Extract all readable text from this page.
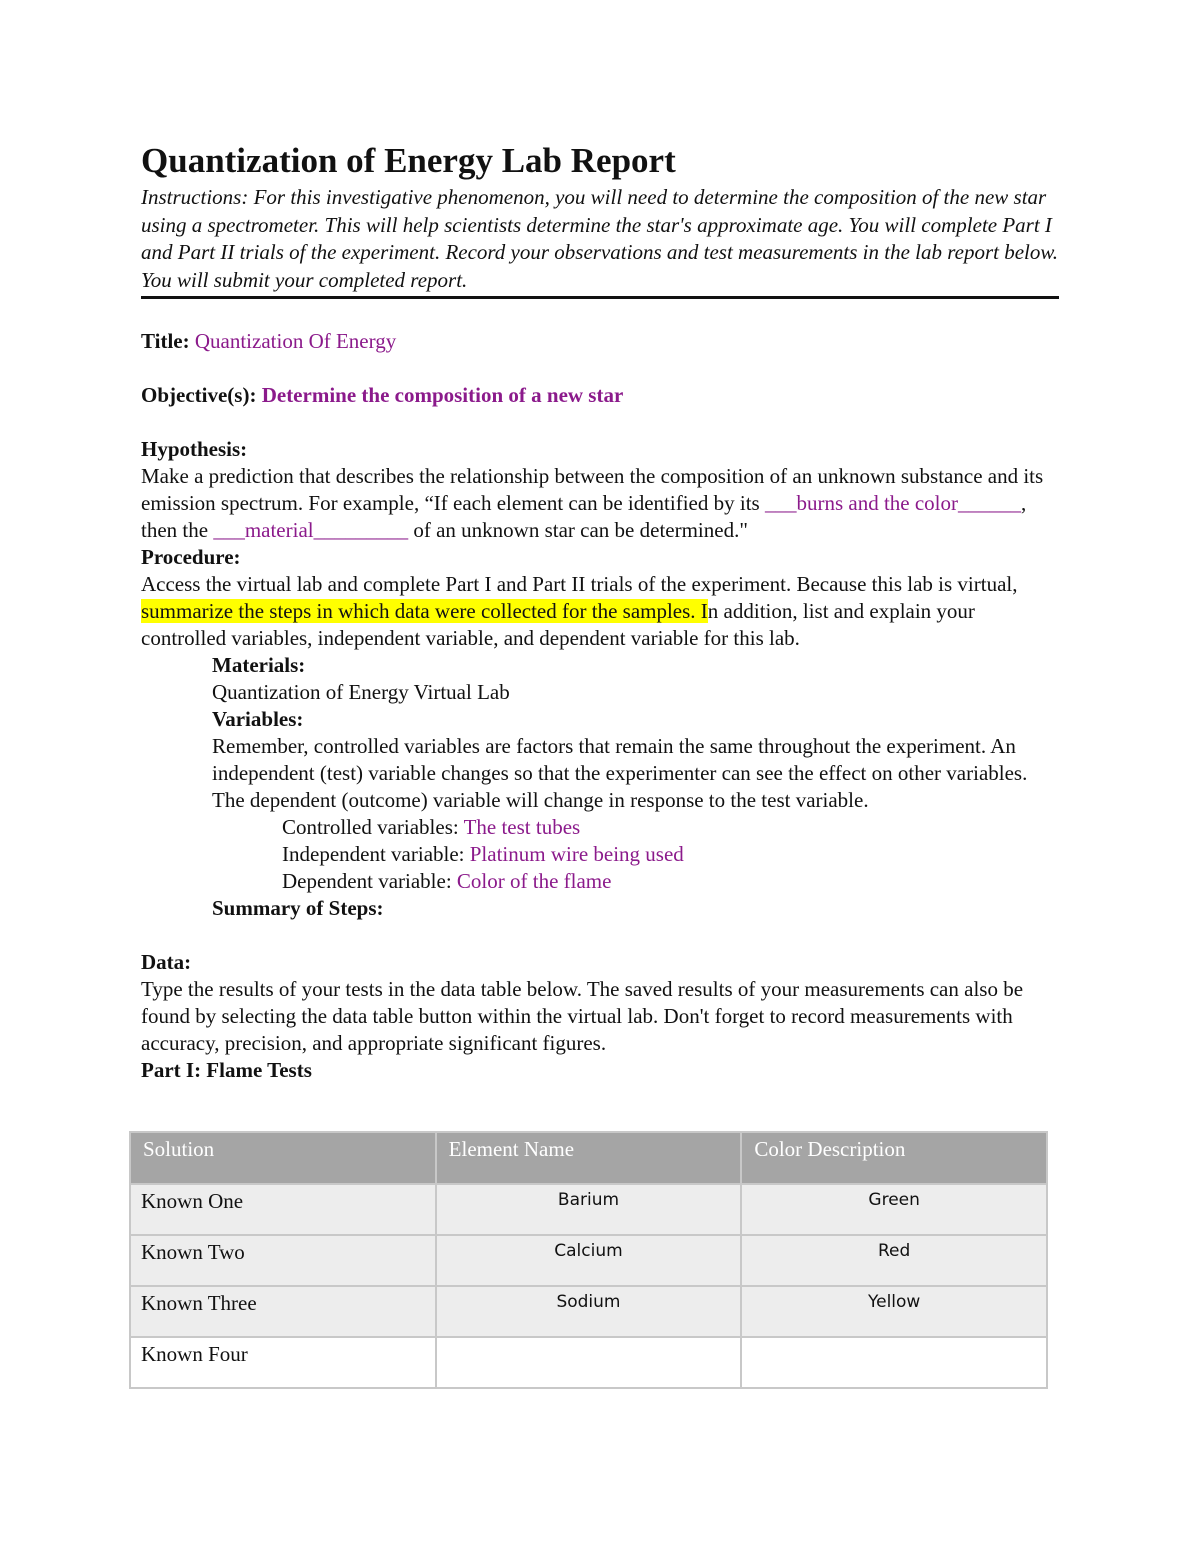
Quantization of Energy Lab Report

Instructions: For this investigative phenomenon, you will need to determine the composition of the new star using a spectrometer. This will help scientists determine the star's approximate age. You will complete Part I and Part II trials of the experiment. Record your observations and test measurements in the lab report below. You will submit your completed report.

Title: Quantization Of Energy

Objective(s): Determine the composition of a new star

Hypothesis:

Make a prediction that describes the relationship between the composition of an unknown substance and its emission spectrum. For example, “If each element can be identified by its ___burns and the color______, then the ___material_________ of an unknown star can be determined."

Procedure:

Access the virtual lab and complete Part I and Part II trials of the experiment. Because this lab is virtual, summarize the steps in which data were collected for the samples. In addition, list and explain your controlled variables, independent variable, and dependent variable for this lab.

Materials:

Quantization of Energy Virtual Lab

Variables:

Remember, controlled variables are factors that remain the same throughout the experiment. An independent (test) variable changes so that the experimenter can see the effect on other variables. The dependent (outcome) variable will change in response to the test variable.

Controlled variables: The test tubes

Independent variable: Platinum wire being used

Dependent variable: Color of the flame

Summary of Steps:

Data:

Type the results of your tests in the data table below. The saved results of your measurements can also be found by selecting the data table button within the virtual lab. Don't forget to record measurements with accuracy, precision, and appropriate significant figures.

Part I: Flame Tests

Solution	Element Name	Color Description
Known One	Barium	Green
Known Two	Calcium	Red
Known Three	Sodium	Yellow
Known Four		
